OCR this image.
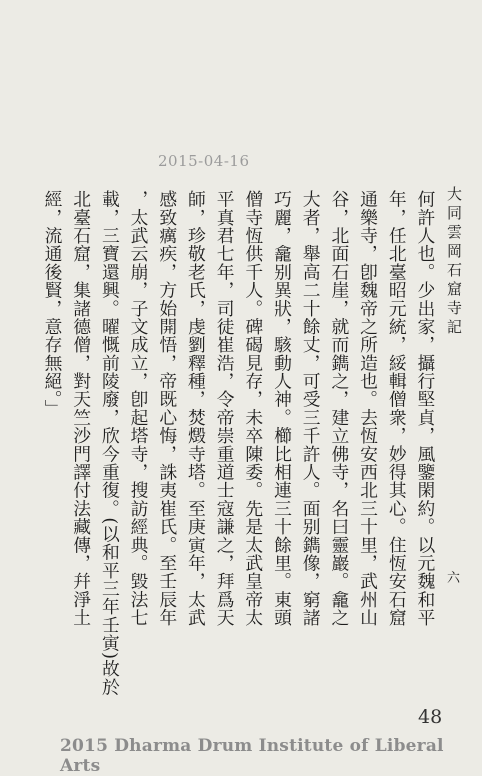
大同雲岡石窟寺記
六
2015-04-16
何許人也。少出家，攝行堅貞，風鑒閑約。以元魏和平
年，任北臺昭元統，綏輯僧衆，妙得其心。住恆安石窟
通樂寺，卽魏帝之所造也。去恆安西北三十里，武州山
谷，北面石崖，就而鐫之，建立佛寺，名曰靈巖。龕之
大者，舉高二十餘丈，可受三千許人。面别鐫像，窮諸
巧麗，龕别異狀，駭動人神。櫛比相連三十餘里。東頭
僧寺恆供千人。碑碣見存，未卒陳委。先是太武皇帝太
平真君七年，司徒崔浩，令帝崇重道士寇謙之，拜爲天
師，珍敬老氏，虔劉釋種，焚燬寺塔。至庚寅年，太武
感致癘疾，方始開悟，帝既心悔，誅夷崔氏。至壬辰年
，太武云崩，子文成立，卽起塔寺，搜訪經典。毀法七
載，三寶還興。曜慨前陵廢，欣今重復。(以和平三年壬寅)故於
北臺石窟，集諸德僧，對天竺沙門譯付法藏傳，幷淨土
經，流通後賢，意存無絕。」
48
2015 Dharma Drum Institute of Liberal Arts
